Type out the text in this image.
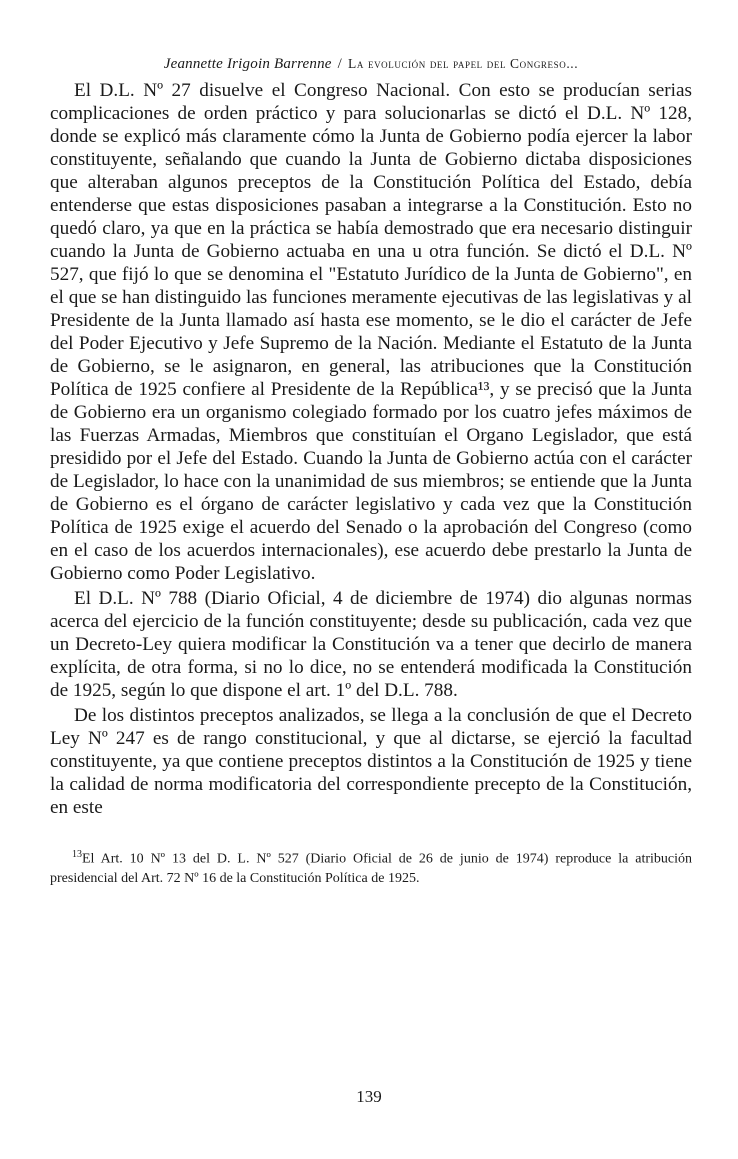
Jeannette Irigoin Barrenne / La evolución del papel del Congreso...

El D.L. Nº 27 disuelve el Congreso Nacional. Con esto se producían serias complicaciones de orden práctico y para solucionarlas se dictó el D.L. Nº 128, donde se explicó más claramente cómo la Junta de Gobierno podía ejercer la labor constituyente, señalando que cuando la Junta de Gobierno dictaba disposiciones que alteraban algunos preceptos de la Constitución Política del Estado, debía entenderse que estas disposiciones pasaban a integrarse a la Constitución. Esto no quedó claro, ya que en la práctica se había demostrado que era necesario distinguir cuando la Junta de Gobierno actuaba en una u otra función. Se dictó el D.L. Nº 527, que fijó lo que se denomina el "Estatuto Jurídico de la Junta de Gobierno", en el que se han distinguido las funciones meramente ejecutivas de las legislativas y al Presidente de la Junta llamado así hasta ese momento, se le dio el carácter de Jefe del Poder Ejecutivo y Jefe Supremo de la Nación. Mediante el Estatuto de la Junta de Gobierno, se le asignaron, en general, las atribuciones que la Constitución Política de 1925 confiere al Presidente de la República¹³, y se precisó que la Junta de Gobierno era un organismo colegiado formado por los cuatro jefes máximos de las Fuerzas Armadas, Miembros que constituían el Organo Legislador, que está presidido por el Jefe del Estado. Cuando la Junta de Gobierno actúa con el carácter de Legislador, lo hace con la unanimidad de sus miembros; se entiende que la Junta de Gobierno es el órgano de carácter legislativo y cada vez que la Constitución Política de 1925 exige el acuerdo del Senado o la aprobación del Congreso (como en el caso de los acuerdos internacionales), ese acuerdo debe prestarlo la Junta de Gobierno como Poder Legislativo.

El D.L. Nº 788 (Diario Oficial, 4 de diciembre de 1974) dio algunas normas acerca del ejercicio de la función constituyente; desde su publicación, cada vez que un Decreto-Ley quiera modificar la Constitución va a tener que decirlo de manera explícita, de otra forma, si no lo dice, no se entenderá modificada la Constitución de 1925, según lo que dispone el art. 1º del D.L. 788.

De los distintos preceptos analizados, se llega a la conclusión de que el Decreto Ley Nº 247 es de rango constitucional, y que al dictarse, se ejerció la facultad constituyente, ya que contiene preceptos distintos a la Constitución de 1925 y tiene la calidad de norma modificatoria del correspondiente precepto de la Constitución, en este

$^{13}$El Art. 10 Nº 13 del D. L. Nº 527 (Diario Oficial de 26 de junio de 1974) reproduce la atribución presidencial del Art. 72 Nº 16 de la Constitución Política de 1925.
139
